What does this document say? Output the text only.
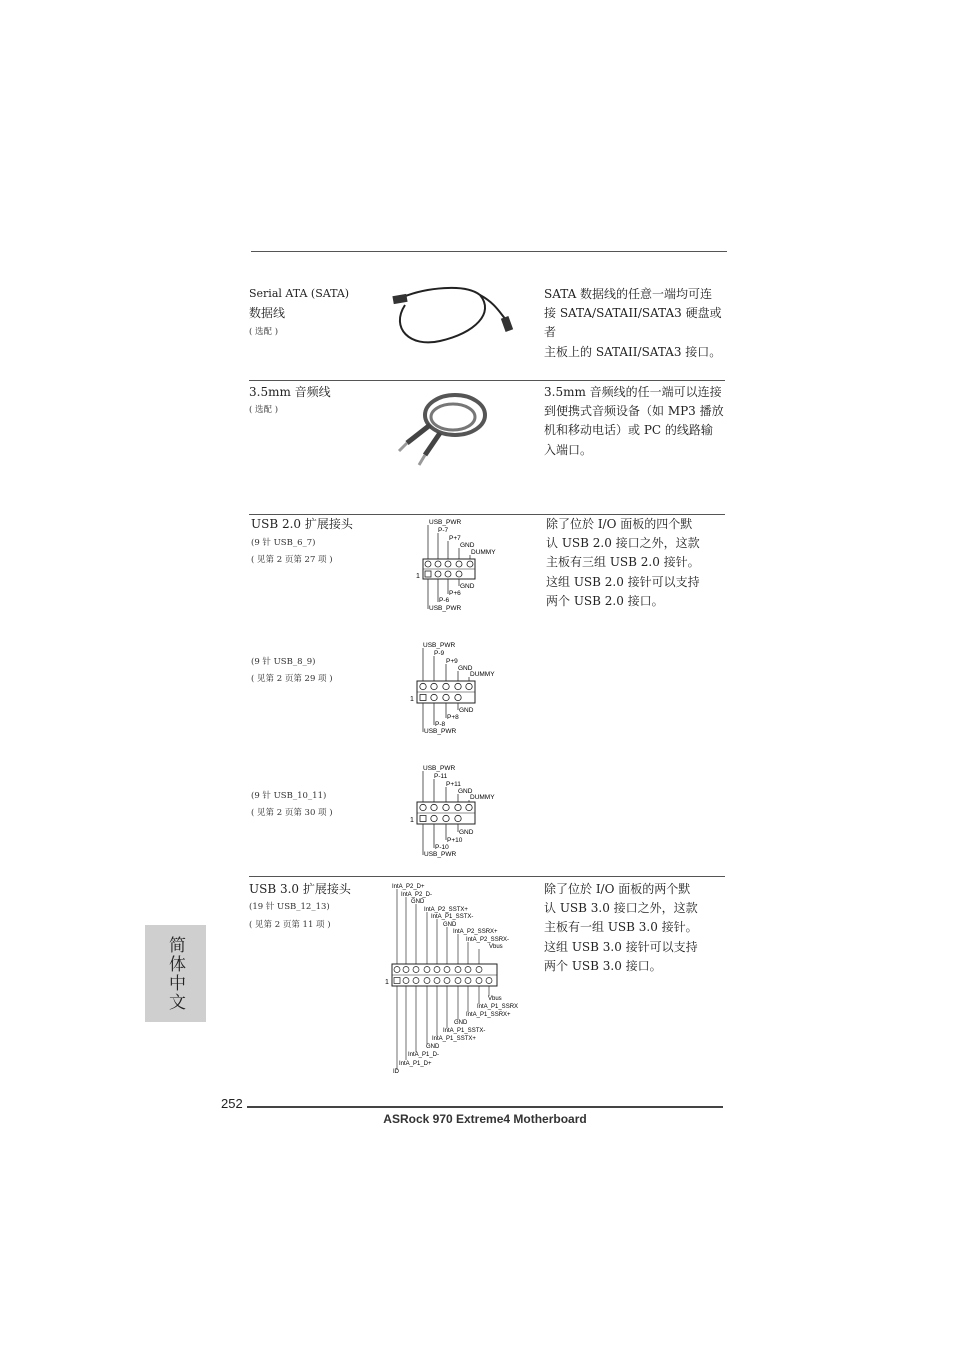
Serial ATA (SATA)
数据线
( 选配 )

SATA 数据线的任意一端均可连

接 SATA/SATAII/SATA3 硬盘或者

主板上的 SATAII/SATA3 接口。

3.5mm 音频线
( 选配 )

3.5mm 音频线的任一端可以连接

到便携式音频设备（如 MP3 播放

机和移动电话）或 PC 的线路输

入端口。

USB 2.0 扩展接头
(9 针 USB_6_7)
( 见第 2 页第 27 项 )

除了位於 I/O 面板的四个默

认 USB 2.0 接口之外，这款

主板有三组 USB 2.0 接针。

这组 USB 2.0 接针可以支持

两个 USB 2.0 接口。

USB_PWR
P-7
P+7
GND
DUMMY
1
GND
P+6
P-6
USB_PWR
(9 针 USB_8_9)
( 见第 2 页第 29 项 )
USB_PWR
P-9
P+9
GND
DUMMY
1
GND
P+8
P-8
USB_PWR
(9 针 USB_10_11)
( 见第 2 页第 30 项 )
USB_PWR
P-11
P+11
GND
DUMMY
1
GND
P+10
P-10
USB_PWR
USB 3.0 扩展接头
(19 针 USB_12_13)
( 见第 2 页第 11 项 )

除了位於 I/O 面板的两个默

认 USB 3.0 接口之外，这款

主板有一组 USB 3.0 接针。

这组 USB 3.0 接针可以支持

两个 USB 3.0 接口。

IntA_P2_D+
IntA_P2_D-
GND
IntA_P2_SSTX+
IntA_P1_SSTX-
GND
IntA_P2_SSRX+
IntA_P2_SSRX-
Vbus
1
Vbus
IntA_P1_SSRX
IntA_P1_SSRX+
GND
IntA_P1_SSTX-
IntA_P1_SSTX+
GND
IntA_P1_D-
IntA_P1_D+
ID
简体中文
252
ASRock 970 Extreme4 Motherboard
